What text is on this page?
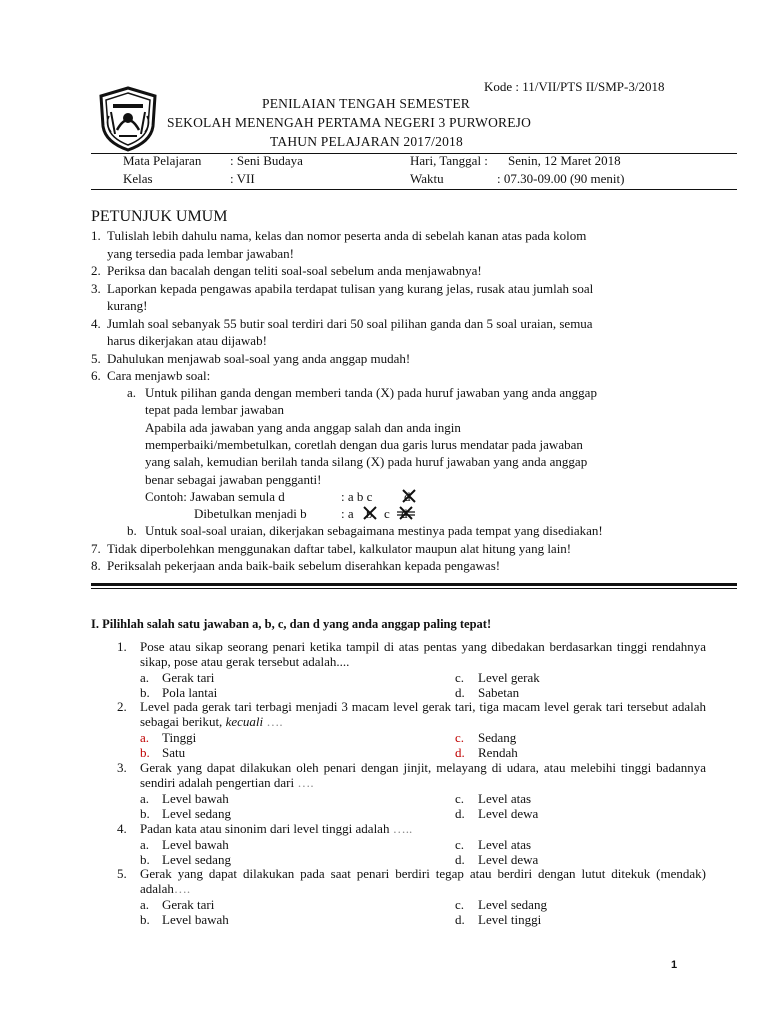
Kode : 11/VII/PTS II/SMP-3/2018
PENILAIAN TENGAH SEMESTER
SEKOLAH MENENGAH PERTAMA NEGERI 3 PURWOREJO
TAHUN PELAJARAN 2017/2018
Mata Pelajaran : Seni Budaya	Hari, Tanggal : Senin, 12 Maret 2018
Kelas	: VII	Waktu	: 07.30-09.00 (90 menit)
PETUNJUK UMUM
1. Tulislah lebih dahulu nama, kelas dan nomor peserta anda di sebelah kanan atas pada kolom
yang tersedia pada lembar jawaban!
2. Periksa dan bacalah dengan teliti soal-soal sebelum anda menjawabnya!
3. Laporkan kepada pengawas apabila terdapat tulisan yang kurang jelas, rusak atau jumlah soal
kurang!
4. Jumlah soal sebanyak 55 butir soal terdiri dari 50 soal pilihan ganda dan 5 soal uraian, semua
harus dikerjakan atau dijawab!
5. Dahulukan menjawab soal-soal yang anda anggap mudah!
6. Cara menjawb soal:
a. Untuk pilihan ganda dengan memberi tanda (X) pada huruf jawaban yang anda anggap
tepat pada lembar jawaban
Apabila ada jawaban yang anda anggap salah dan anda ingin
memperbaiki/membetulkan, coretlah dengan dua garis lurus mendatar pada jawaban
yang salah, kemudian berilah tanda silang (X) pada huruf jawaban yang anda anggap
benar sebagai jawaban pengganti!
Contoh: Jawaban semula d	: a b c d
Dibetulkan menjadi b	: a b c d
b. Untuk soal-soal uraian, dikerjakan sebagaimana mestinya pada tempat yang disediakan!
7. Tidak diperbolehkan menggunakan daftar tabel, kalkulator maupun alat hitung yang lain!
8. Periksalah pekerjaan anda baik-baik sebelum diserahkan kepada pengawas!
I. Pilihlah salah satu jawaban a, b, c, dan d yang anda anggap paling tepat!
1. Pose atau sikap seorang penari ketika tampil di atas pentas yang dibedakan berdasarkan tinggi rendahnya sikap, pose atau gerak tersebut adalah....
a. Gerak tari	c. Level gerak
b. Pola lantai	d. Sabetan
2. Level pada gerak tari terbagi menjadi 3 macam level gerak tari, tiga macam level gerak tari tersebut adalah sebagai berikut, kecuali ….
a. Tinggi	c. Sedang
b. Satu	d. Rendah
3. Gerak yang dapat dilakukan oleh penari dengan jinjit, melayang di udara, atau melebihi tinggi badannya sendiri adalah pengertian dari ….
a. Level bawah	c. Level atas
b. Level sedang	d. Level dewa
4. Padan kata atau sinonim dari level tinggi adalah …..
a. Level bawah	c. Level atas
b. Level sedang	d. Level dewa
5. Gerak yang dapat dilakukan pada saat penari berdiri tegap atau berdiri dengan lutut ditekuk (mendak) adalah….
a. Gerak tari	c. Level sedang
b. Level bawah	d. Level tinggi
1
